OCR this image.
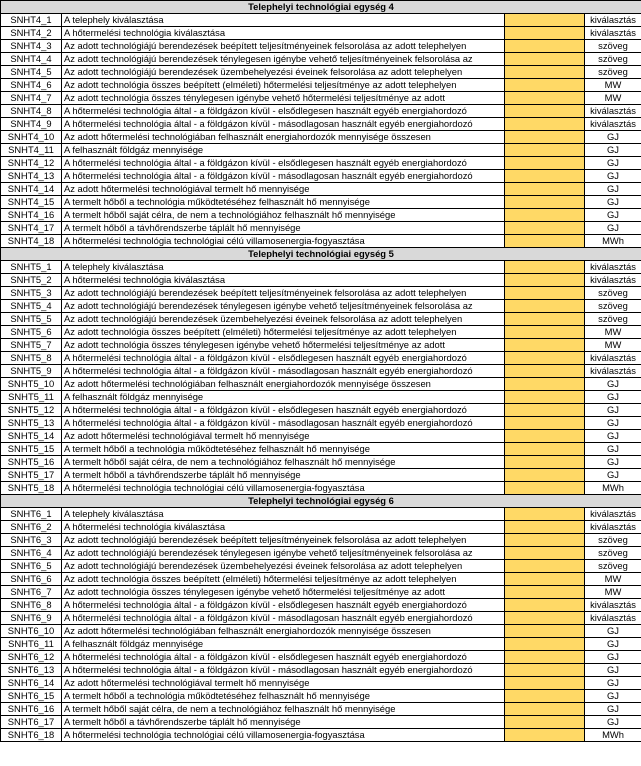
Telephelyi technológiai egység 4			
SNHT4_1	A telephely kiválasztása		kiválasztás
SNHT4_2	A hőtermelési technológia kiválasztása		kiválasztás
SNHT4_3	Az adott technológiájú berendezések beépített teljesítményeinek felsorolása az adott telephelyen		szöveg
SNHT4_4	Az adott technológiájú berendezések ténylegesen igénybe vehető teljesítményeinek felsorolása az		szöveg
SNHT4_5	Az adott technológiájú berendezések üzembehelyezési éveinek felsorolása az adott telephelyen		szöveg
SNHT4_6	Az adott technológia összes beépített (elméleti) hőtermelési teljesítménye az adott telephelyen		MW
SNHT4_7	Az adott technológia összes ténylegesen igénybe vehető hőtermelési teljesítménye az adott		MW
SNHT4_8	A hőtermelési technológia által - a földgázon kívül - elsődlegesen használt egyéb energiahordozó		kiválasztás
SNHT4_9	A hőtermelési technológia által - a földgázon kívül - másodlagosan használt egyéb energiahordozó		kiválasztás
SNHT4_10	Az adott hőtermelési technológiában felhasznált energiahordozók mennyisége összesen		GJ
SNHT4_11	A felhasznált földgáz mennyisége		GJ
SNHT4_12	A hőtermelési technológia által - a földgázon kívül - elsődlegesen használt egyéb energiahordozó		GJ
SNHT4_13	A hőtermelési technológia által - a földgázon kívül - másodlagosan használt egyéb energiahordozó		GJ
SNHT4_14	Az adott hőtermelési technológiával termelt hő mennyisége		GJ
SNHT4_15	A termelt hőből a technológia működtetéséhez felhasznált hő mennyisége		GJ
SNHT4_16	A termelt hőből saját célra, de nem a technológiához felhasznált hő mennyisége		GJ
SNHT4_17	A termelt hőből a távhőrendszerbe táplált hő mennyisége		GJ
SNHT4_18	A hőtermelési technológia technológiai célú villamosenergia-fogyasztása		MWh
Telephelyi technológiai egység 5			
SNHT5_1	A telephely kiválasztása		kiválasztás
SNHT5_2	A hőtermelési technológia kiválasztása		kiválasztás
SNHT5_3	Az adott technológiájú berendezések beépített teljesítményeinek felsorolása az adott telephelyen		szöveg
SNHT5_4	Az adott technológiájú berendezések ténylegesen igénybe vehető teljesítményeinek felsorolása az		szöveg
SNHT5_5	Az adott technológiájú berendezések üzembehelyezési éveinek felsorolása az adott telephelyen		szöveg
SNHT5_6	Az adott technológia összes beépített (elméleti) hőtermelési teljesítménye az adott telephelyen		MW
SNHT5_7	Az adott technológia összes ténylegesen igénybe vehető hőtermelési teljesítménye az adott		MW
SNHT5_8	A hőtermelési technológia által - a földgázon kívül - elsődlegesen használt egyéb energiahordozó		kiválasztás
SNHT5_9	A hőtermelési technológia által - a földgázon kívül - másodlagosan használt egyéb energiahordozó		kiválasztás
SNHT5_10	Az adott hőtermelési technológiában felhasznált energiahordozók mennyisége összesen		GJ
SNHT5_11	A felhasznált földgáz mennyisége		GJ
SNHT5_12	A hőtermelési technológia által - a földgázon kívül - elsődlegesen használt egyéb energiahordozó		GJ
SNHT5_13	A hőtermelési technológia által - a földgázon kívül - másodlagosan használt egyéb energiahordozó		GJ
SNHT5_14	Az adott hőtermelési technológiával termelt hő mennyisége		GJ
SNHT5_15	A termelt hőből a technológia működtetéséhez felhasznált hő mennyisége		GJ
SNHT5_16	A termelt hőből saját célra, de nem a technológiához felhasznált hő mennyisége		GJ
SNHT5_17	A termelt hőből a távhőrendszerbe táplált hő mennyisége		GJ
SNHT5_18	A hőtermelési technológia technológiai célú villamosenergia-fogyasztása		MWh
Telephelyi technológiai egység 6			
SNHT6_1	A telephely kiválasztása		kiválasztás
SNHT6_2	A hőtermelési technológia kiválasztása		kiválasztás
SNHT6_3	Az adott technológiájú berendezések beépített teljesítményeinek felsorolása az adott telephelyen		szöveg
SNHT6_4	Az adott technológiájú berendezések ténylegesen igénybe vehető teljesítményeinek felsorolása az		szöveg
SNHT6_5	Az adott technológiájú berendezések üzembehelyezési éveinek felsorolása az adott telephelyen		szöveg
SNHT6_6	Az adott technológia összes beépített (elméleti) hőtermelési teljesítménye az adott telephelyen		MW
SNHT6_7	Az adott technológia összes ténylegesen igénybe vehető hőtermelési teljesítménye az adott		MW
SNHT6_8	A hőtermelési technológia által - a földgázon kívül - elsődlegesen használt egyéb energiahordozó		kiválasztás
SNHT6_9	A hőtermelési technológia által - a földgázon kívül - másodlagosan használt egyéb energiahordozó		kiválasztás
SNHT6_10	Az adott hőtermelési technológiában felhasznált energiahordozók mennyisége összesen		GJ
SNHT6_11	A felhasznált földgáz mennyisége		GJ
SNHT6_12	A hőtermelési technológia által - a földgázon kívül - elsődlegesen használt egyéb energiahordozó		GJ
SNHT6_13	A hőtermelési technológia által - a földgázon kívül - másodlagosan használt egyéb energiahordozó		GJ
SNHT6_14	Az adott hőtermelési technológiával termelt hő mennyisége		GJ
SNHT6_15	A termelt hőből a technológia működtetéséhez felhasznált hő mennyisége		GJ
SNHT6_16	A termelt hőből saját célra, de nem a technológiához felhasznált hő mennyisége		GJ
SNHT6_17	A termelt hőből a távhőrendszerbe táplált hő mennyisége		GJ
SNHT6_18	A hőtermelési technológia technológiai célú villamosenergia-fogyasztása		MWh
